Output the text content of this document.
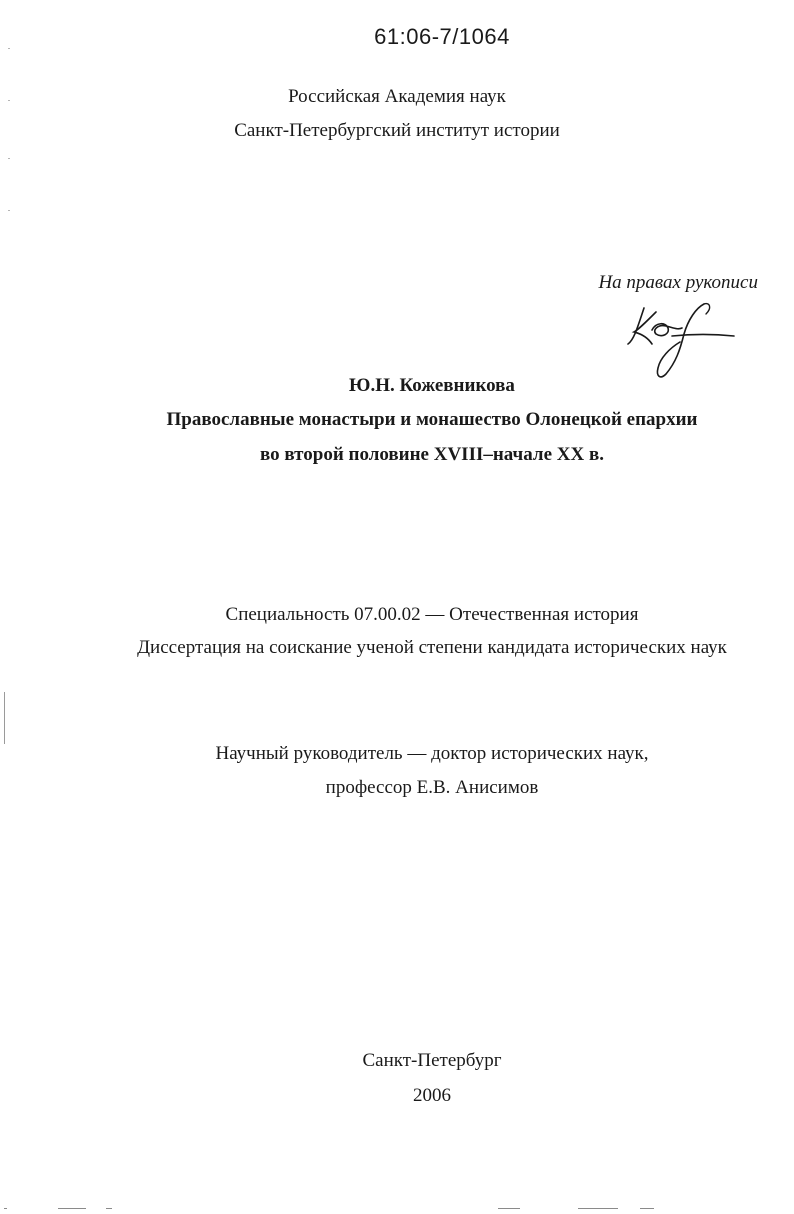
61:06-7/1064
Российская Академия наук
Санкт-Петербургский институт истории
На правах рукописи
Ю.Н. Кожевникова
Православные монастыри и монашество Олонецкой епархии
во второй половине XVIII–начале XX в.
Специальность 07.00.02 — Отечественная история
Диссертация на соискание ученой степени кандидата исторических наук
Научный руководитель — доктор исторических наук,
профессор Е.В. Анисимов
Санкт-Петербург
2006
